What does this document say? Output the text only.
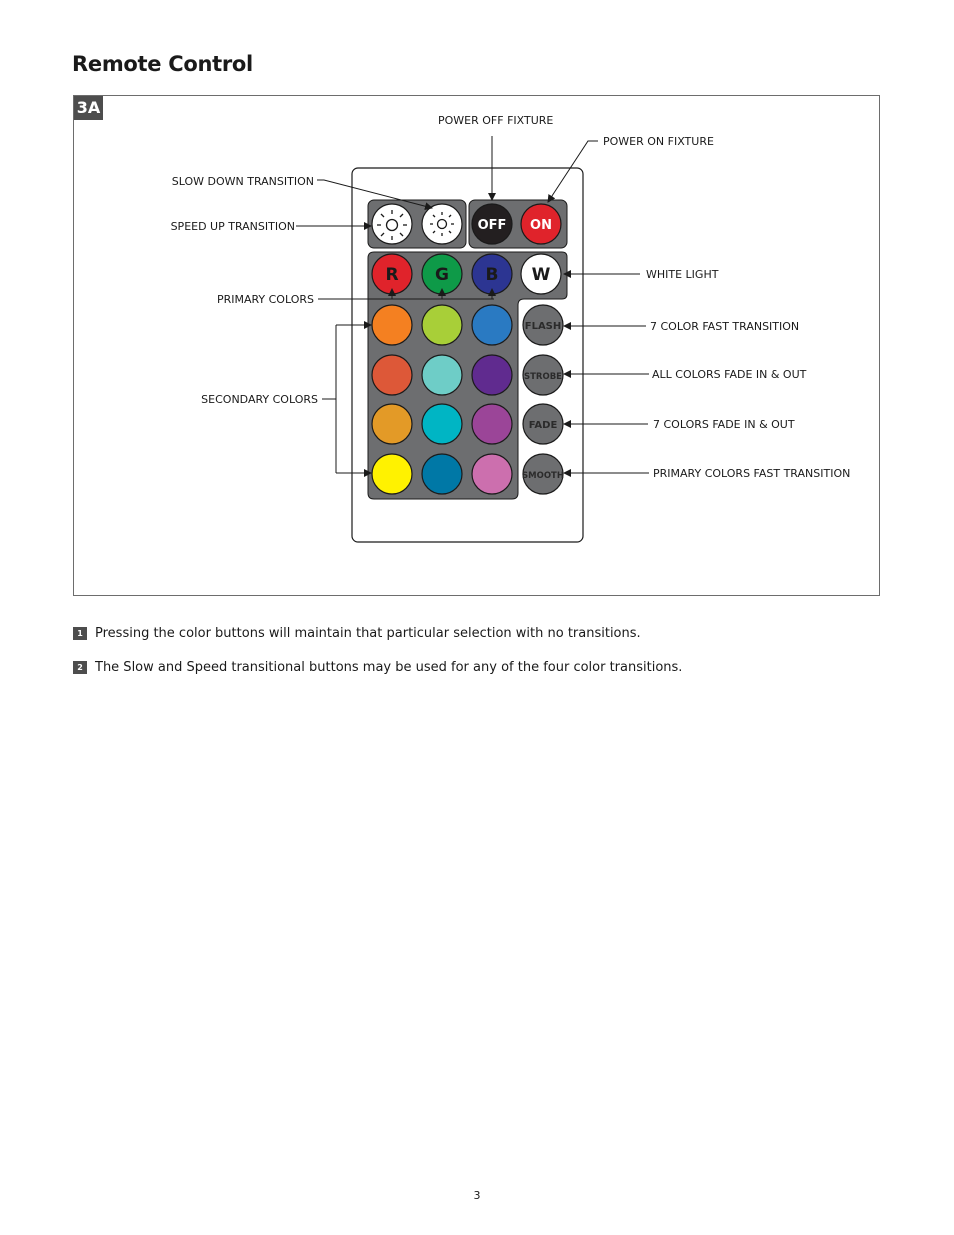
Remote Control
3A
OFF ON
R G B W
FLASH
STROBE
FADE
SMOOTH
POWER OFF FIXTURE
POWER ON FIXTURE
SLOW DOWN TRANSITION
SPEED UP TRANSITION
WHITE LIGHT
PRIMARY COLORS
7 COLOR FAST TRANSITION
ALL COLORS FADE IN & OUT
SECONDARY COLORS
7 COLORS FADE IN & OUT
PRIMARY COLORS FAST TRANSITION
1 Pressing the color buttons will maintain that particular selection with no transitions.
2 The Slow and Speed transitional buttons may be used for any of the four color transitions.
3
